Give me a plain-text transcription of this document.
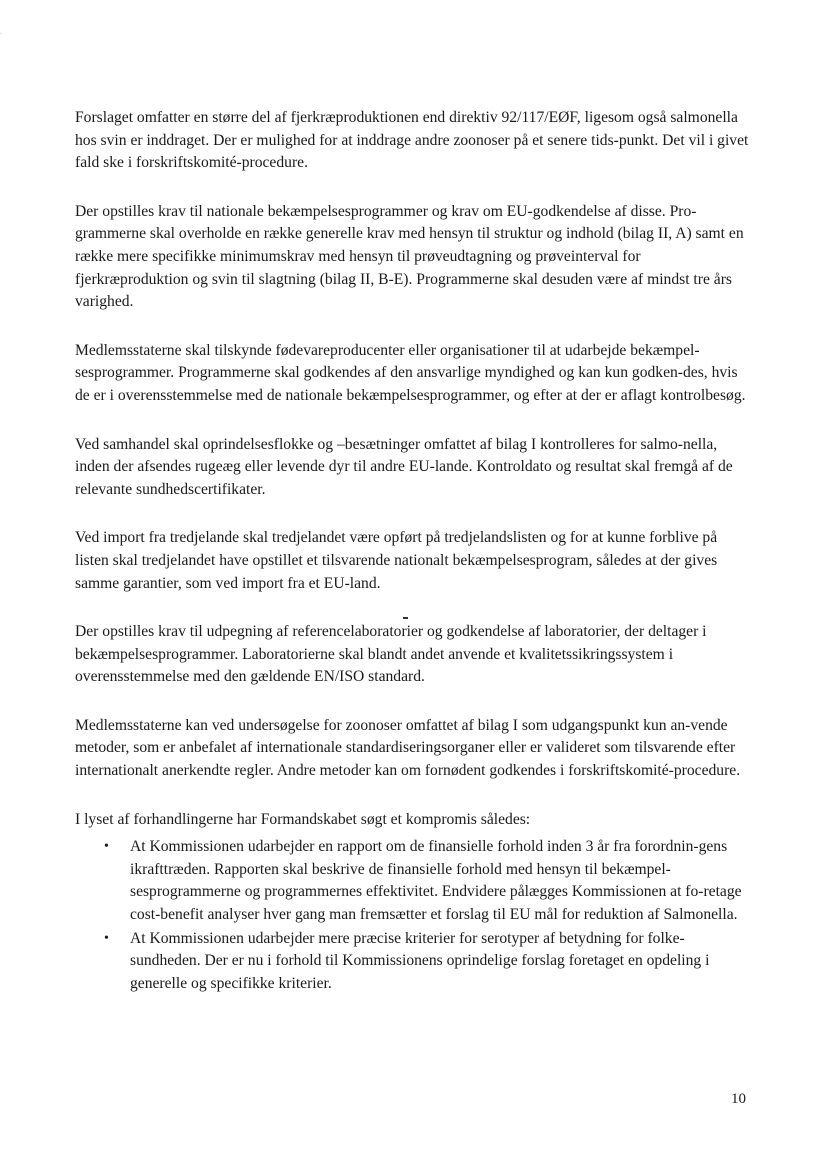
.

Forslaget omfatter en større del af fjerkræproduktionen end direktiv 92/117/EØF, ligesom også salmonella hos svin er inddraget. Der er mulighed for at inddrage andre zoonoser på et senere tids-punkt. Det vil i givet fald ske i forskriftskomité-procedure.

Der opstilles krav til nationale bekæmpelsesprogrammer og krav om EU-godkendelse af disse. Pro-grammerne skal overholde en række generelle krav med hensyn til struktur og indhold (bilag II, A) samt en række mere specifikke minimumskrav med hensyn til prøveudtagning og prøveinterval for fjerkræproduktion og svin til slagtning (bilag II, B-E). Programmerne skal desuden være af mindst tre års varighed.

Medlemsstaterne skal tilskynde fødevareproducenter eller organisationer til at udarbejde bekæmpel-sesprogrammer. Programmerne skal godkendes af den ansvarlige myndighed og kan kun godken-des, hvis de er i overensstemmelse med de nationale bekæmpelsesprogrammer, og efter at der er aflagt kontrolbesøg.

Ved samhandel skal oprindelsesflokke og –besætninger omfattet af bilag I kontrolleres for salmo-nella, inden der afsendes rugeæg eller levende dyr til andre EU-lande. Kontroldato og resultat skal fremgå af de relevante sundhedscertifikater.

Ved import fra tredjelande skal tredjelandet være opført på tredjelandslisten og for at kunne forblive på listen skal tredjelandet have opstillet et tilsvarende nationalt bekæmpelsesprogram, således at der gives samme garantier, som ved import fra et EU-land.

Der opstilles krav til udpegning af referencelaboratorier og godkendelse af laboratorier, der deltager i bekæmpelsesprogrammer. Laboratorierne skal blandt andet anvende et kvalitetssikringssystem i overensstemmelse med den gældende EN/ISO standard.

Medlemsstaterne kan ved undersøgelse for zoonoser omfattet af bilag I som udgangspunkt kun an-vende metoder, som er anbefalet af internationale standardiseringsorganer eller er valideret som tilsvarende efter internationalt anerkendte regler. Andre metoder kan om fornødent godkendes i forskriftskomité-procedure.

I lyset af forhandlingerne har Formandskabet søgt et kompromis således:

• At Kommissionen udarbejder en rapport om de finansielle forhold inden 3 år fra forordnin-gens ikrafttræden. Rapporten skal beskrive de finansielle forhold med hensyn til bekæmpel-sesprogrammerne og programmernes effektivitet. Endvidere pålægges Kommissionen at fo-retage cost-benefit analyser hver gang man fremsætter et forslag til EU mål for reduktion af Salmonella.
• At Kommissionen udarbejder mere præcise kriterier for serotyper af betydning for folke-sundheden. Der er nu i forhold til Kommissionens oprindelige forslag foretaget en opdeling i generelle og specifikke kriterier.
10
